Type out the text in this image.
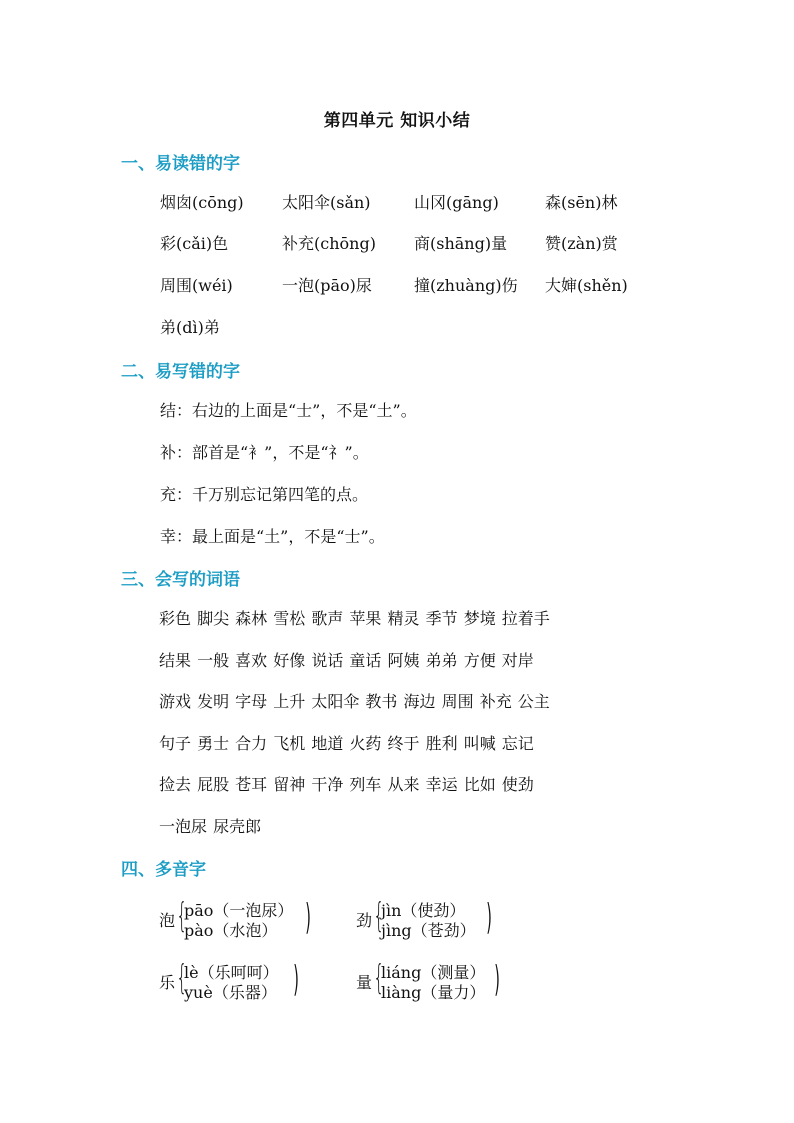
第四单元 知识小结
一、易读错的字
烟囱(cōng) 太阳伞(sǎn)	山冈(gāng)	森(sēn)林
彩(cǎi)色	补充(chōng) 商(shāng)量 赞(zàn)赏
周围(wéi)	一泡(pāo)尿	撞(zhuàng)伤 大婶(shěn)
弟(dì)弟
二、易写错的字
结：右边的上面是“士”，不是“土”。
补：部首是“衤”，不是“礻”。
充：千万别忘记第四笔的点。
幸：最上面是“土”，不是“士”。
三、会写的词语
彩色 脚尖 森林 雪松 歌声 苹果 精灵 季节 梦境 拉着手
结果 一般 喜欢 好像 说话 童话 阿姨 弟弟 方便 对岸
游戏 发明 字母 上升 太阳伞 教书 海边 周围 补充 公主
句子 勇士 合力 飞机 地道 火药 终于 胜利 叫喊 忘记
捡去 屁股 苍耳 留神 干净 列车 从来 幸运 比如 使劲
一泡尿 尿壳郎
四、多音字
泡 {
pāo（一泡尿）
pào（水泡） )	劲 {
jìn（使劲）
jìng（苍劲） )
乐 {
lè（乐呵呵）
yuè（乐器） )	量 {
liáng（测量）
liàng（量力） )
